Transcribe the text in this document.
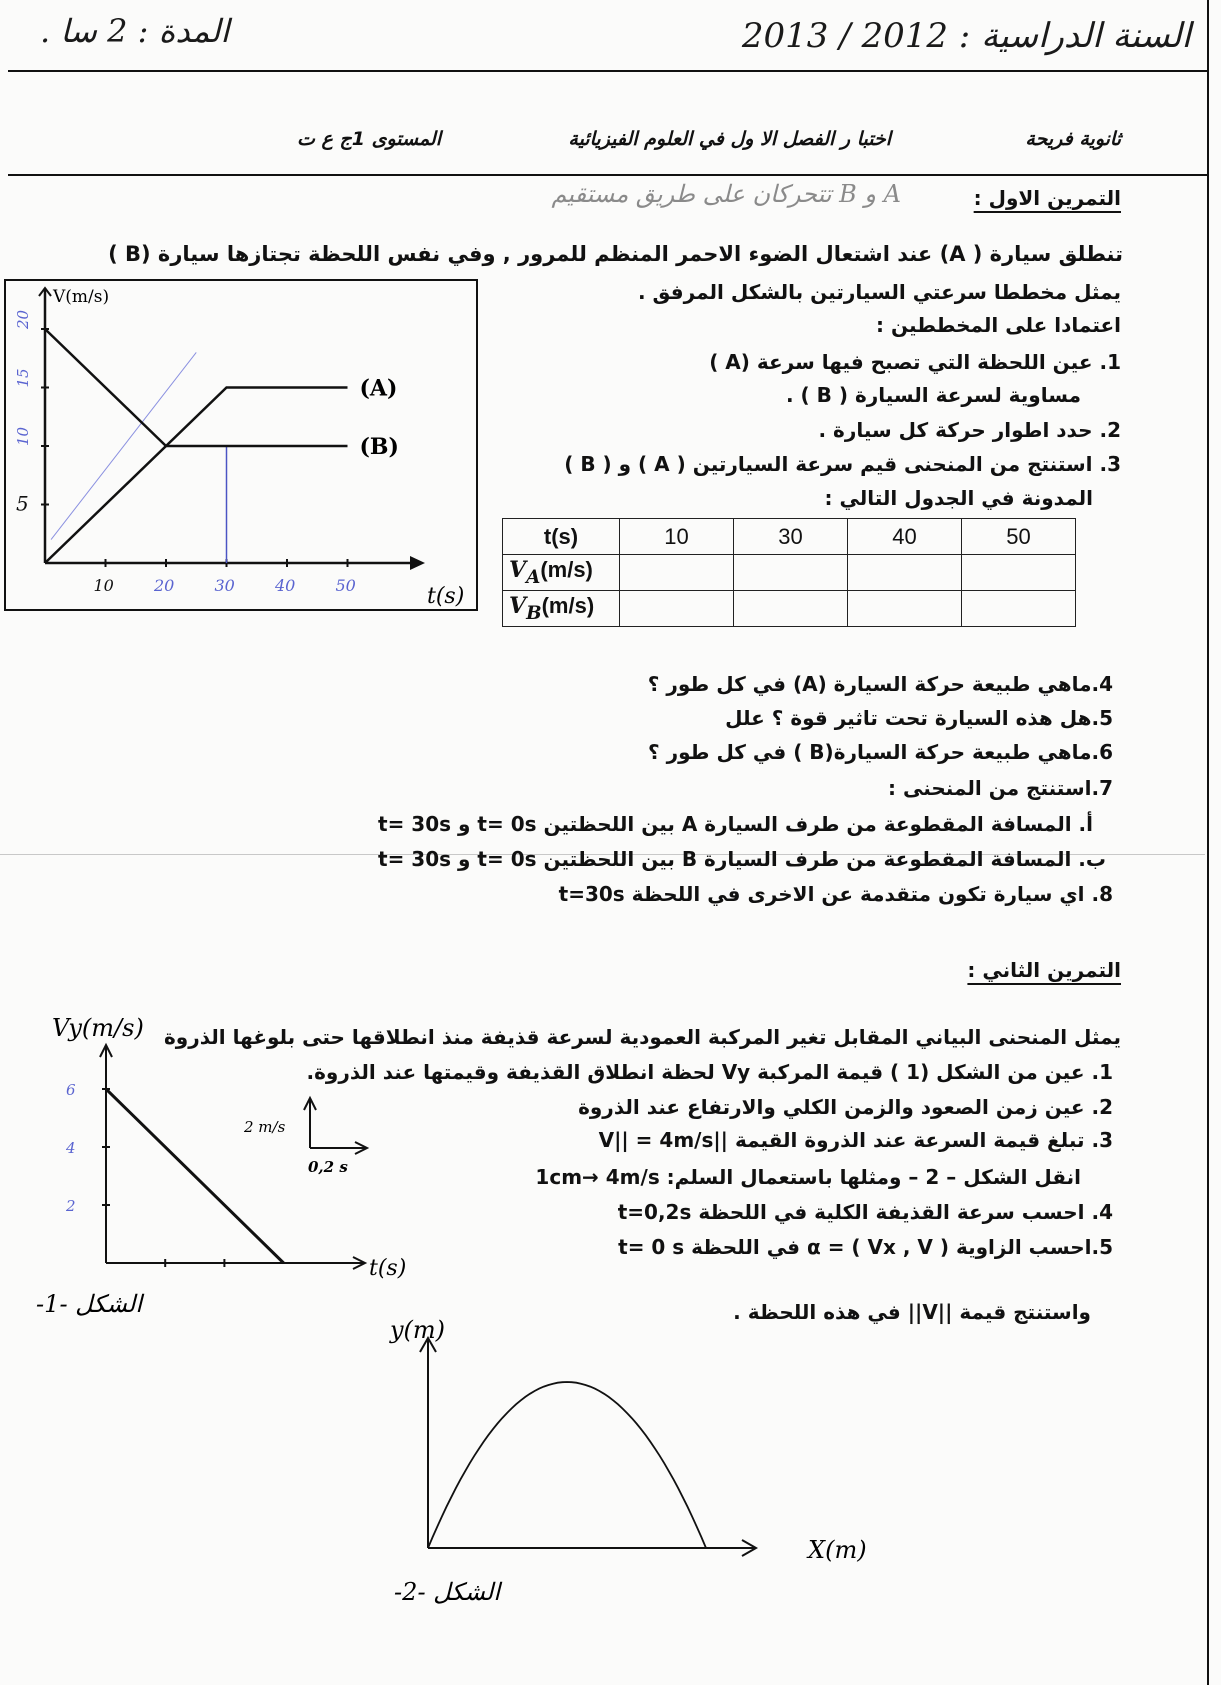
السنة الدراسية : 2012 / 2013
المدة : 2 سا .
ثانوية فريحة
اختبا ر الفصل الا ول في العلوم الفيزيائية
المستوى 1ج ع ت
التمرين الاول :
A و B تتحركان على طريق مستقيم
تنطلق سيارة ( A) عند اشتعال الضوء الاحمر المنظم للمرور , وفي نفس اللحظة تجتازها سيارة (B )
يمثل مخططا سرعتي السيارتين بالشكل المرفق .
اعتمادا على المخططين :
1. عين اللحظة التي تصبح فيها سرعة (A )
مساوية لسرعة السيارة ( B ) .
2. حدد اطوار حركة كل سيارة .
3. استنتج من المنحنى قيم سرعة السيارتين ( A ) و ( B )
المدونة في الجدول التالي :
V(m/s)
t(s)
10	20	30	40	50
5
10
15
20
(A)
(B)
t(s)	10	30	40	50
$V_A(m/s)$				
$V_B(m/s)$				
4.ماهي طبيعة حركة السيارة (A) في كل طور ؟
5.هل هذه السيارة تحت تاثير قوة ؟ علل
6.ماهي طبيعة حركة السيارة(B ) في كل طور ؟
7.استنتج من المنحنى :
أ. المسافة المقطوعة من طرف السيارة A بين اللحظتين t= 0s و t= 30s
ب. المسافة المقطوعة من طرف السيارة B بين اللحظتين t= 0s و t= 30s
8. اي سيارة تكون متقدمة عن الاخرى في اللحظة t=30s
التمرين الثاني :
يمثل المنحنى البياني المقابل تغير المركبة العمودية لسرعة قذيفة منذ انطلاقها حتى بلوغها الذروة
1. عين من الشكل (1 ) قيمة المركبة Vy لحظة انطلاق القذيفة وقيمتها عند الذروة.
2. عين زمن الصعود والزمن الكلي والارتفاع عند الذروة
3. تبلغ قيمة السرعة عند الذروة القيمة ||V|| = 4m/s
انقل الشكل – 2 – ومثلها باستعمال السلم: 1cm→ 4m/s
4. احسب سرعة القذيفة الكلية في اللحظة t=0,2s
5.احسب الزاوية α = ( Vx , V ) في اللحظة t= 0 s
واستنتج قيمة ||V|| في هذه اللحظة .
Vy(m/s)
t(s)
2
4
6
2 m/s
0,2 s
الشكل -1-
y(m)
X(m)
الشكل -2-
